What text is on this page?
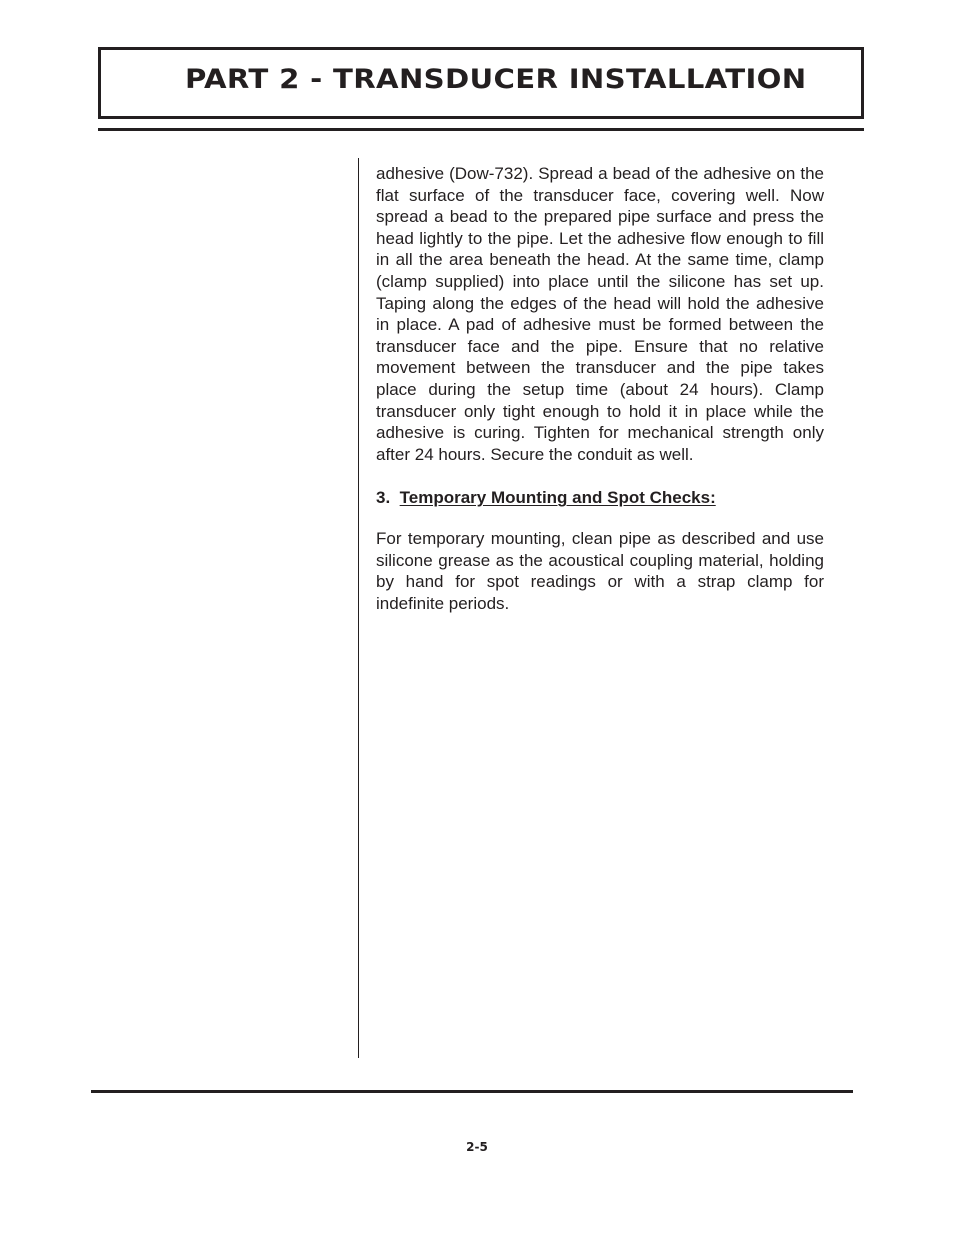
PART 2 - TRANSDUCER INSTALLATION

adhesive (Dow-732). Spread a bead of the adhesive on the flat surface of the transducer face, covering well. Now spread a bead to the prepared pipe surface and press the head lightly to the pipe. Let the adhesive flow enough to fill in all the area beneath the head. At the same time, clamp (clamp supplied) into place until the silicone has set up. Taping along the edges of the head will hold the adhesive in place. A pad of adhesive must be formed between the transducer face and the pipe. Ensure that no relative movement between the transducer and the pipe takes place during the setup time (about 24 hours). Clamp transducer only tight enough to hold it in place while the adhesive is curing. Tighten for mechanical strength only after 24 hours. Secure the conduit as well.

3. Temporary Mounting and Spot Checks:

For temporary mounting, clean pipe as described and use silicone grease as the acoustical coupling material, holding by hand for spot readings or with a strap clamp for indefinite periods.

2-5
